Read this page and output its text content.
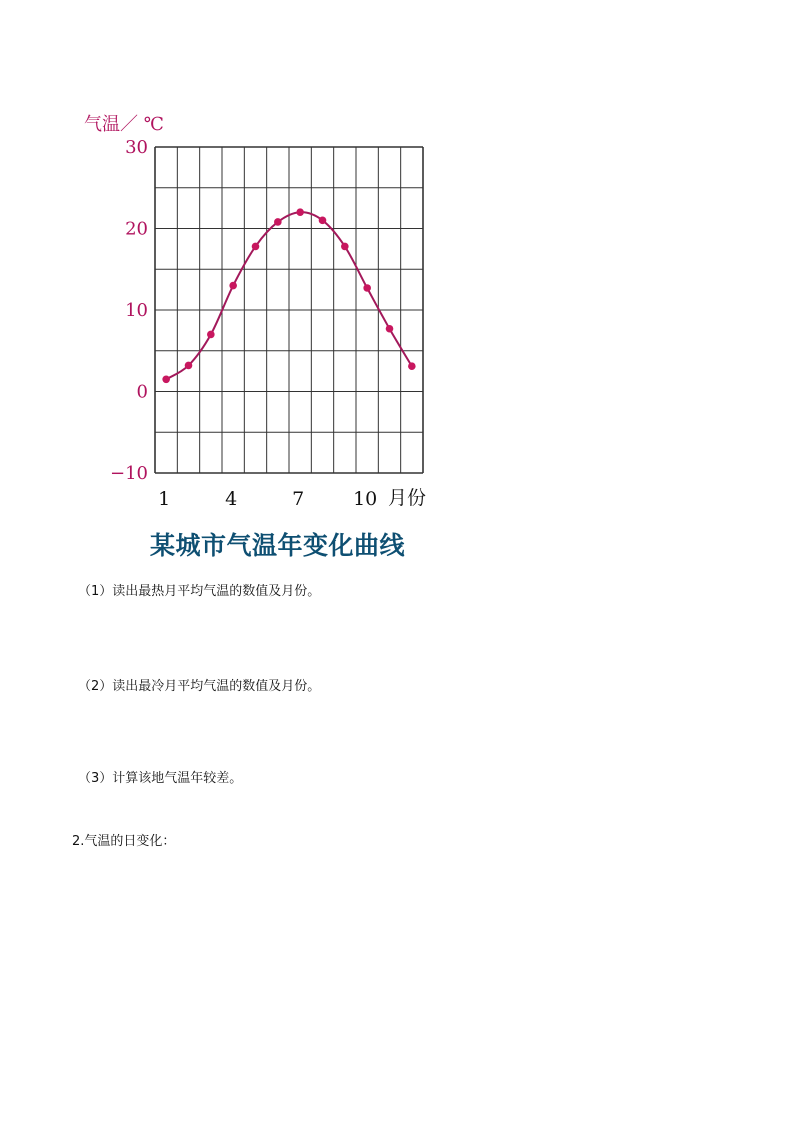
气温／ ℃
月份
30
20
10
0
−10
1	4	7	10
某城市气温年变化曲线

（1）读出最热月平均气温的数值及月份。

（2）读出最冷月平均气温的数值及月份。

（3）计算该地气温年较差。

2.气温的日变化：
